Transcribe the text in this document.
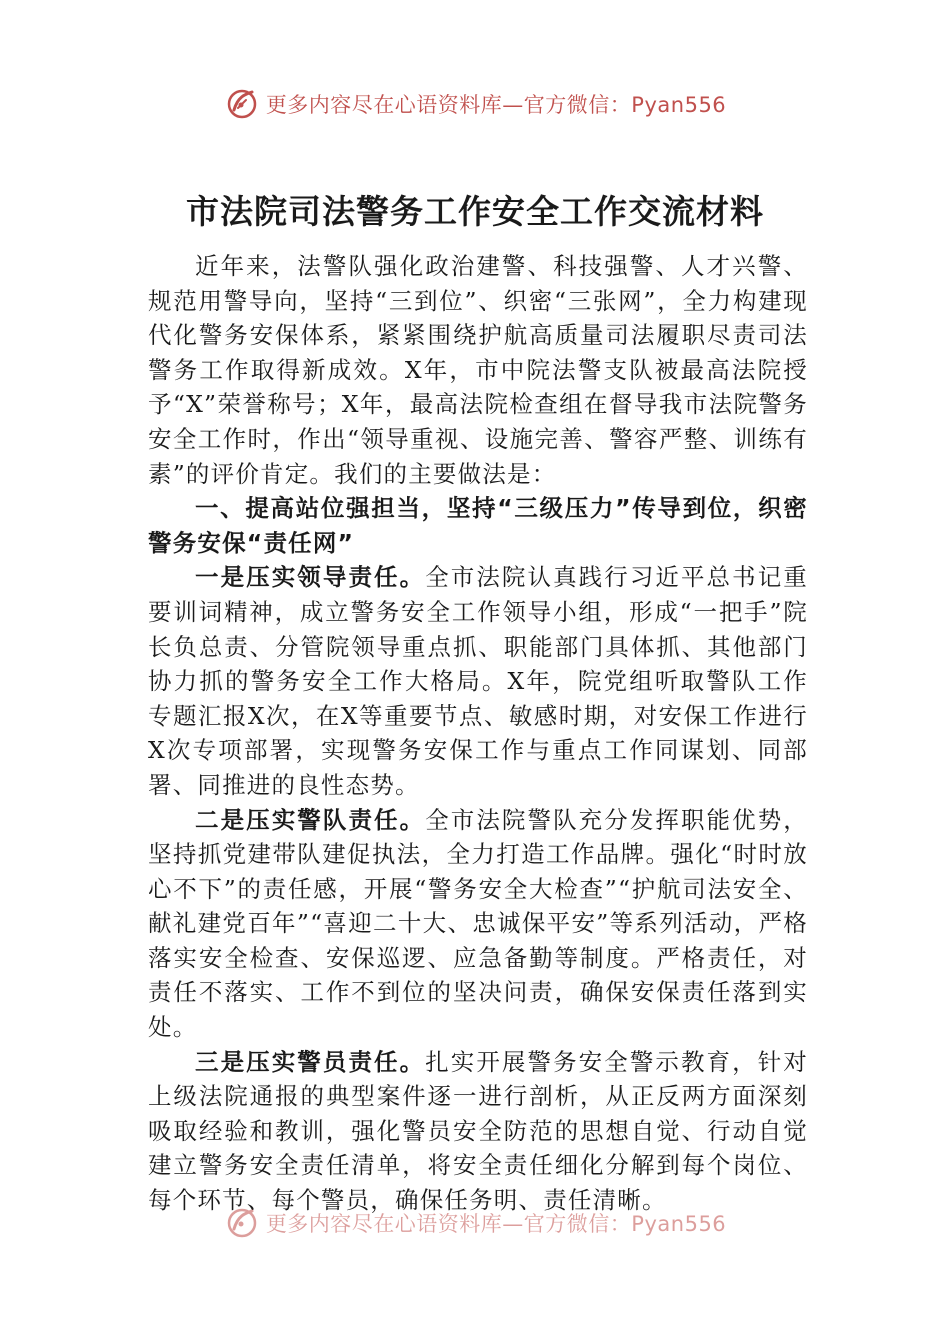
更多内容尽在心语资料库—官方微信：Pyan556
市法院司法警务工作安全工作交流材料

近年来，法警队强化政治建警、科技强警、人才兴警、规范用警导向，坚持“三到位”、织密“三张网”，全力构建现代化警务安保体系，紧紧围绕护航高质量司法履职尽责司法警务工作取得新成效。X年，市中院法警支队被最高法院授予“X”荣誉称号；X年，最高法院检查组在督导我市法院警务安全工作时，作出“领导重视、设施完善、警容严整、训练有素”的评价肯定。我们的主要做法是：

一、提高站位强担当，坚持“三级压力”传导到位，织密警务安保“责任网”

一是压实领导责任。全市法院认真践行习近平总书记重要训词精神，成立警务安全工作领导小组，形成“一把手”院长负总责、分管院领导重点抓、职能部门具体抓、其他部门协力抓的警务安全工作大格局。X年，院党组听取警队工作专题汇报X次，在X等重要节点、敏感时期，对安保工作进行X次专项部署，实现警务安保工作与重点工作同谋划、同部署、同推进的良性态势。

二是压实警队责任。全市法院警队充分发挥职能优势，坚持抓党建带队建促执法，全力打造工作品牌。强化“时时放心不下”的责任感，开展“警务安全大检查”“护航司法安全、献礼建党百年”“喜迎二十大、忠诚保平安”等系列活动，严格落实安全检查、安保巡逻、应急备勤等制度。严格责任，对责任不落实、工作不到位的坚决问责，确保安保责任落到实处。

三是压实警员责任。扎实开展警务安全警示教育，针对上级法院通报的典型案件逐一进行剖析，从正反两方面深刻吸取经验和教训，强化警员安全防范的思想自觉、行动自觉建立警务安全责任清单，将安全责任细化分解到每个岗位、每个环节、每个警员，确保任务明、责任清晰。

更多内容尽在心语资料库—官方微信：Pyan556
